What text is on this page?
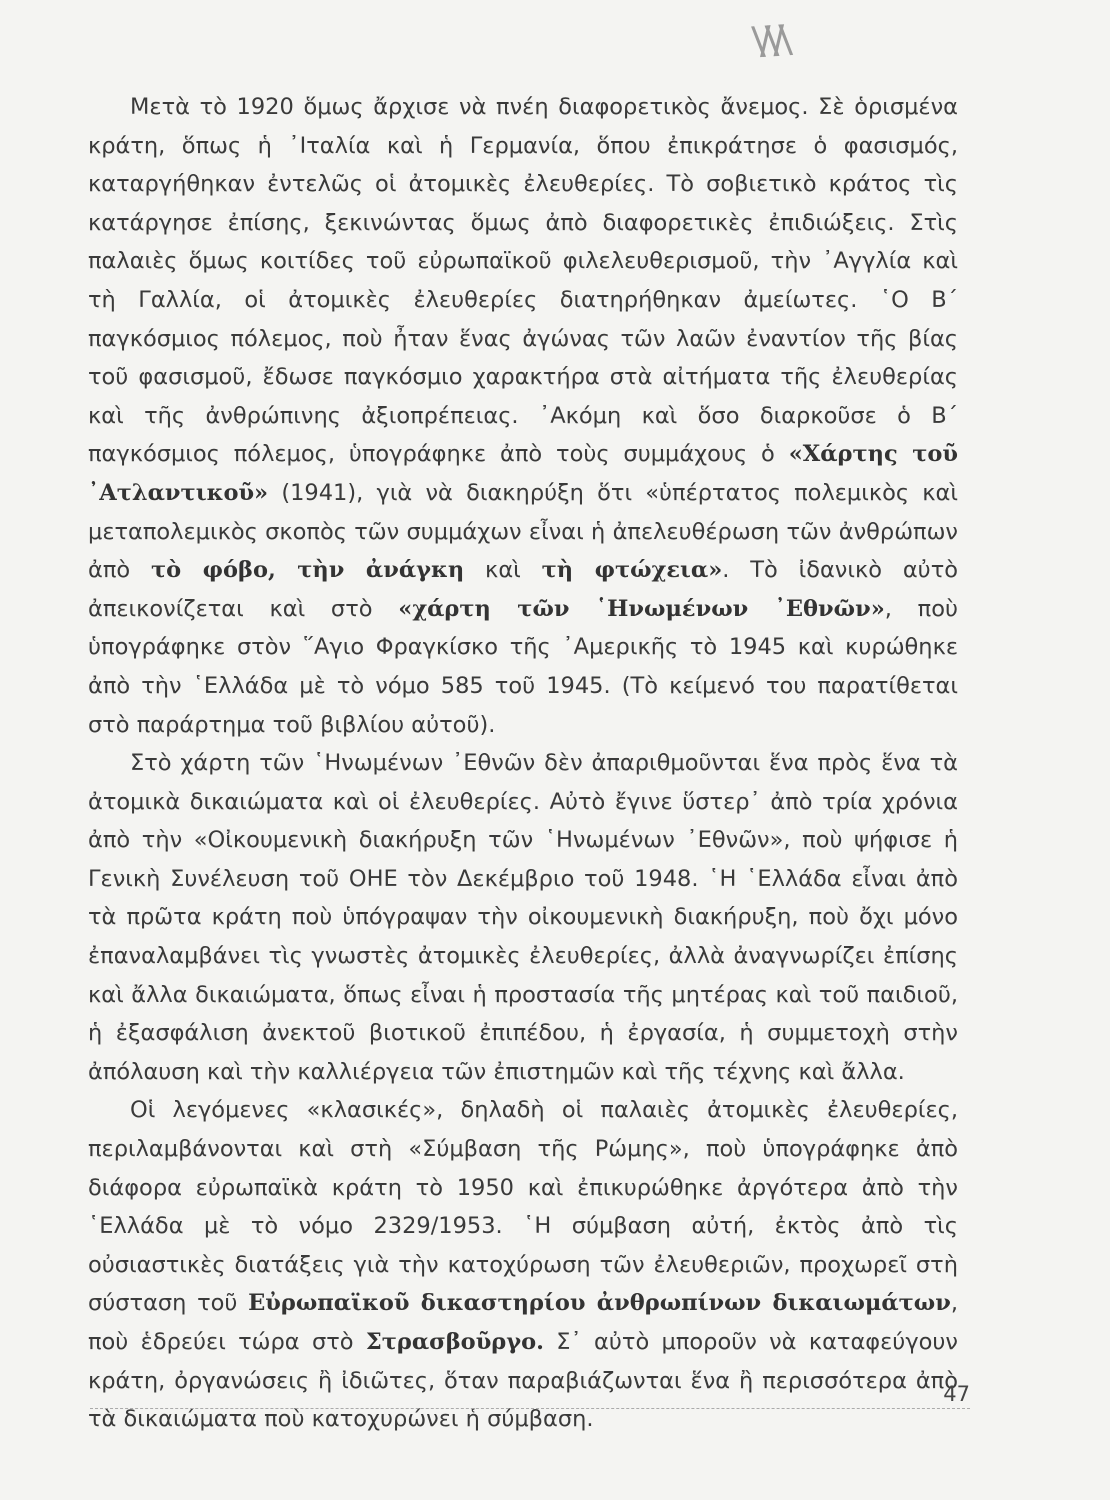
\/\/\

Μετὰ τὸ 1920 ὅμως ἄρχισε νὰ πνέη διαφορετικὸς ἄνεμος. Σὲ ὁρισμένα κράτη, ὅπως ἡ ᾿Ιταλία καὶ ἡ Γερμανία, ὅπου ἐπικράτησε ὁ φασισμός, καταργήθηκαν ἐντελῶς οἱ ἀτομικὲς ἐλευθερίες. Τὸ σοβιετικὸ κράτος τὶς κατάργησε ἐπίσης, ξεκινώντας ὅμως ἀπὸ διαφορετικὲς ἐπιδιώξεις. Στὶς παλαιὲς ὅμως κοιτίδες τοῦ εὐρωπαϊκοῦ φιλελευθερισμοῦ, τὴν ᾿Αγγλία καὶ τὴ Γαλλία, οἱ ἀτομικὲς ἐλευθερίες διατηρήθηκαν ἀμείωτες. ῾Ο Β΄ παγκόσμιος πόλεμος, ποὺ ἦταν ἕνας ἀγώνας τῶν λαῶν ἐναντίον τῆς βίας τοῦ φασισμοῦ, ἔδωσε παγκόσμιο χαρακτήρα στὰ αἰτήματα τῆς ἐλευθερίας καὶ τῆς ἀνθρώπινης ἀξιοπρέπειας. ᾿Ακόμη καὶ ὅσο διαρκοῦσε ὁ Β΄ παγκόσμιος πόλεμος, ὑπογράφηκε ἀπὸ τοὺς συμμάχους ὁ «Χάρτης τοῦ ᾿Ατλαντικοῦ» (1941), γιὰ νὰ διακηρύξη ὅτι «ὑπέρτατος πολεμικὸς καὶ μεταπολεμικὸς σκοπὸς τῶν συμμάχων εἶναι ἡ ἀπελευθέρωση τῶν ἀνθρώπων ἀπὸ τὸ φόβο, τὴν ἀνάγκη καὶ τὴ φτώχεια». Τὸ ἰδανικὸ αὐτὸ ἀπεικονίζεται καὶ στὸ «χάρτη τῶν ῾Ηνωμένων ᾿Εθνῶν», ποὺ ὑπογράφηκε στὸν ῞Αγιο Φραγκίσκο τῆς ᾿Αμερικῆς τὸ 1945 καὶ κυρώθηκε ἀπὸ τὴν ῾Ελλάδα μὲ τὸ νόμο 585 τοῦ 1945. (Τὸ κείμενό του παρατίθεται στὸ παράρτημα τοῦ βιβλίου αὐτοῦ).

Στὸ χάρτη τῶν ῾Ηνωμένων ᾿Εθνῶν δὲν ἀπαριθμοῦνται ἕνα πρὸς ἕνα τὰ ἀτομικὰ δικαιώματα καὶ οἱ ἐλευθερίες. Αὐτὸ ἔγινε ὕστερ᾿ ἀπὸ τρία χρόνια ἀπὸ τὴν «Οἰκουμενικὴ διακήρυξη τῶν ῾Ηνωμένων ᾿Εθνῶν», ποὺ ψήφισε ἡ Γενικὴ Συνέλευση τοῦ ΟΗΕ τὸν Δεκέμβριο τοῦ 1948. ῾Η ῾Ελλάδα εἶναι ἀπὸ τὰ πρῶτα κράτη ποὺ ὑπόγραψαν τὴν οἰκουμενικὴ διακήρυξη, ποὺ ὄχι μόνο ἐπαναλαμβάνει τὶς γνωστὲς ἀτομικὲς ἐλευθερίες, ἀλλὰ ἀναγνωρίζει ἐπίσης καὶ ἄλλα δικαιώματα, ὅπως εἶναι ἡ προστασία τῆς μητέρας καὶ τοῦ παιδιοῦ, ἡ ἐξασφάλιση ἀνεκτοῦ βιοτικοῦ ἐπιπέδου, ἡ ἐργασία, ἡ συμμετοχὴ στὴν ἀπόλαυση καὶ τὴν καλλιέργεια τῶν ἐπιστημῶν καὶ τῆς τέχνης καὶ ἄλλα.

Οἱ λεγόμενες «κλασικές», δηλαδὴ οἱ παλαιὲς ἀτομικὲς ἐλευθερίες, περιλαμβάνονται καὶ στὴ «Σύμβαση τῆς Ρώμης», ποὺ ὑπογράφηκε ἀπὸ διάφορα εὐρωπαϊκὰ κράτη τὸ 1950 καὶ ἐπικυρώθηκε ἀργότερα ἀπὸ τὴν ῾Ελλάδα μὲ τὸ νόμο 2329/1953. ῾Η σύμβαση αὐτή, ἐκτὸς ἀπὸ τὶς οὐσιαστικὲς διατάξεις γιὰ τὴν κατοχύρωση τῶν ἐλευθεριῶν, προχωρεῖ στὴ σύσταση τοῦ Εὐρωπαϊκοῦ δικαστηρίου ἀνθρωπίνων δικαιωμάτων, ποὺ ἑδρεύει τώρα στὸ Στρασβοῦργο. Σ᾿ αὐτὸ μποροῦν νὰ καταφεύγουν κράτη, ὀργανώσεις ἢ ἰδιῶτες, ὅταν παραβιάζωνται ἕνα ἢ περισσότερα ἀπὸ τὰ δικαιώματα ποὺ κατοχυρώνει ἡ σύμβαση.

47
